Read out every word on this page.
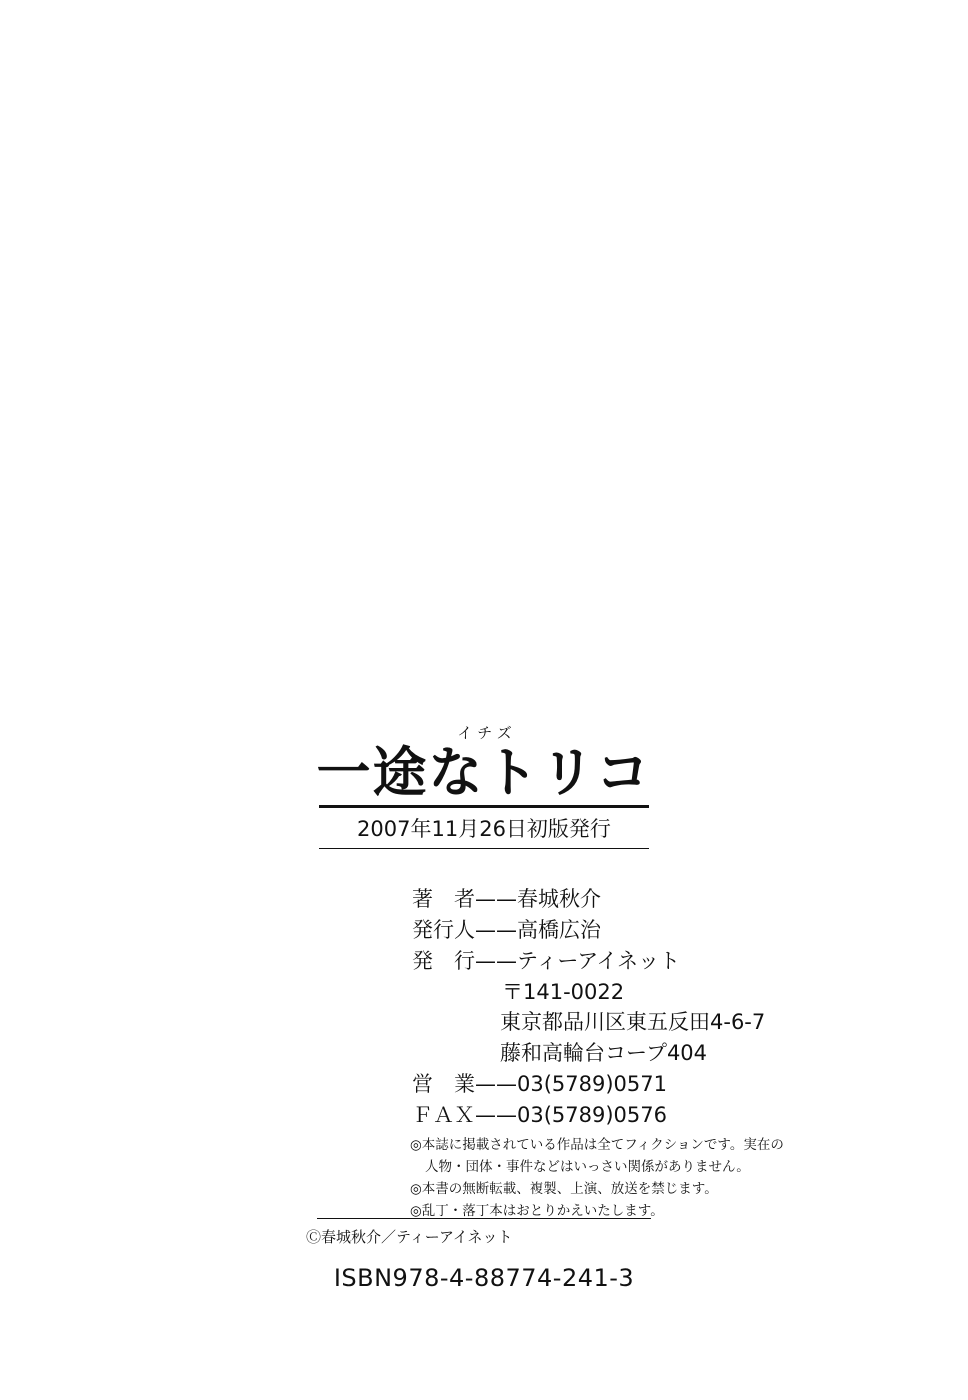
イチズ
一途なトリコ
2007年11月26日初版発行
著　者——春城秋介
発行人——高橋広治
発　行——ティーアイネット
〒141-0022
東京都品川区東五反田4-6-7
藤和高輪台コープ404
営　業——03(5789)0571
ＦＡＸ——03(5789)0576
◎本誌に掲載されている作品は全てフィクションです。実在の
人物・団体・事件などはいっさい関係がありません。
◎本書の無断転載、複製、上演、放送を禁じます。
◎乱丁・落丁本はおとりかえいたします。
Ⓒ春城秋介／ティーアイネット
ISBN978-4-88774-241-3
